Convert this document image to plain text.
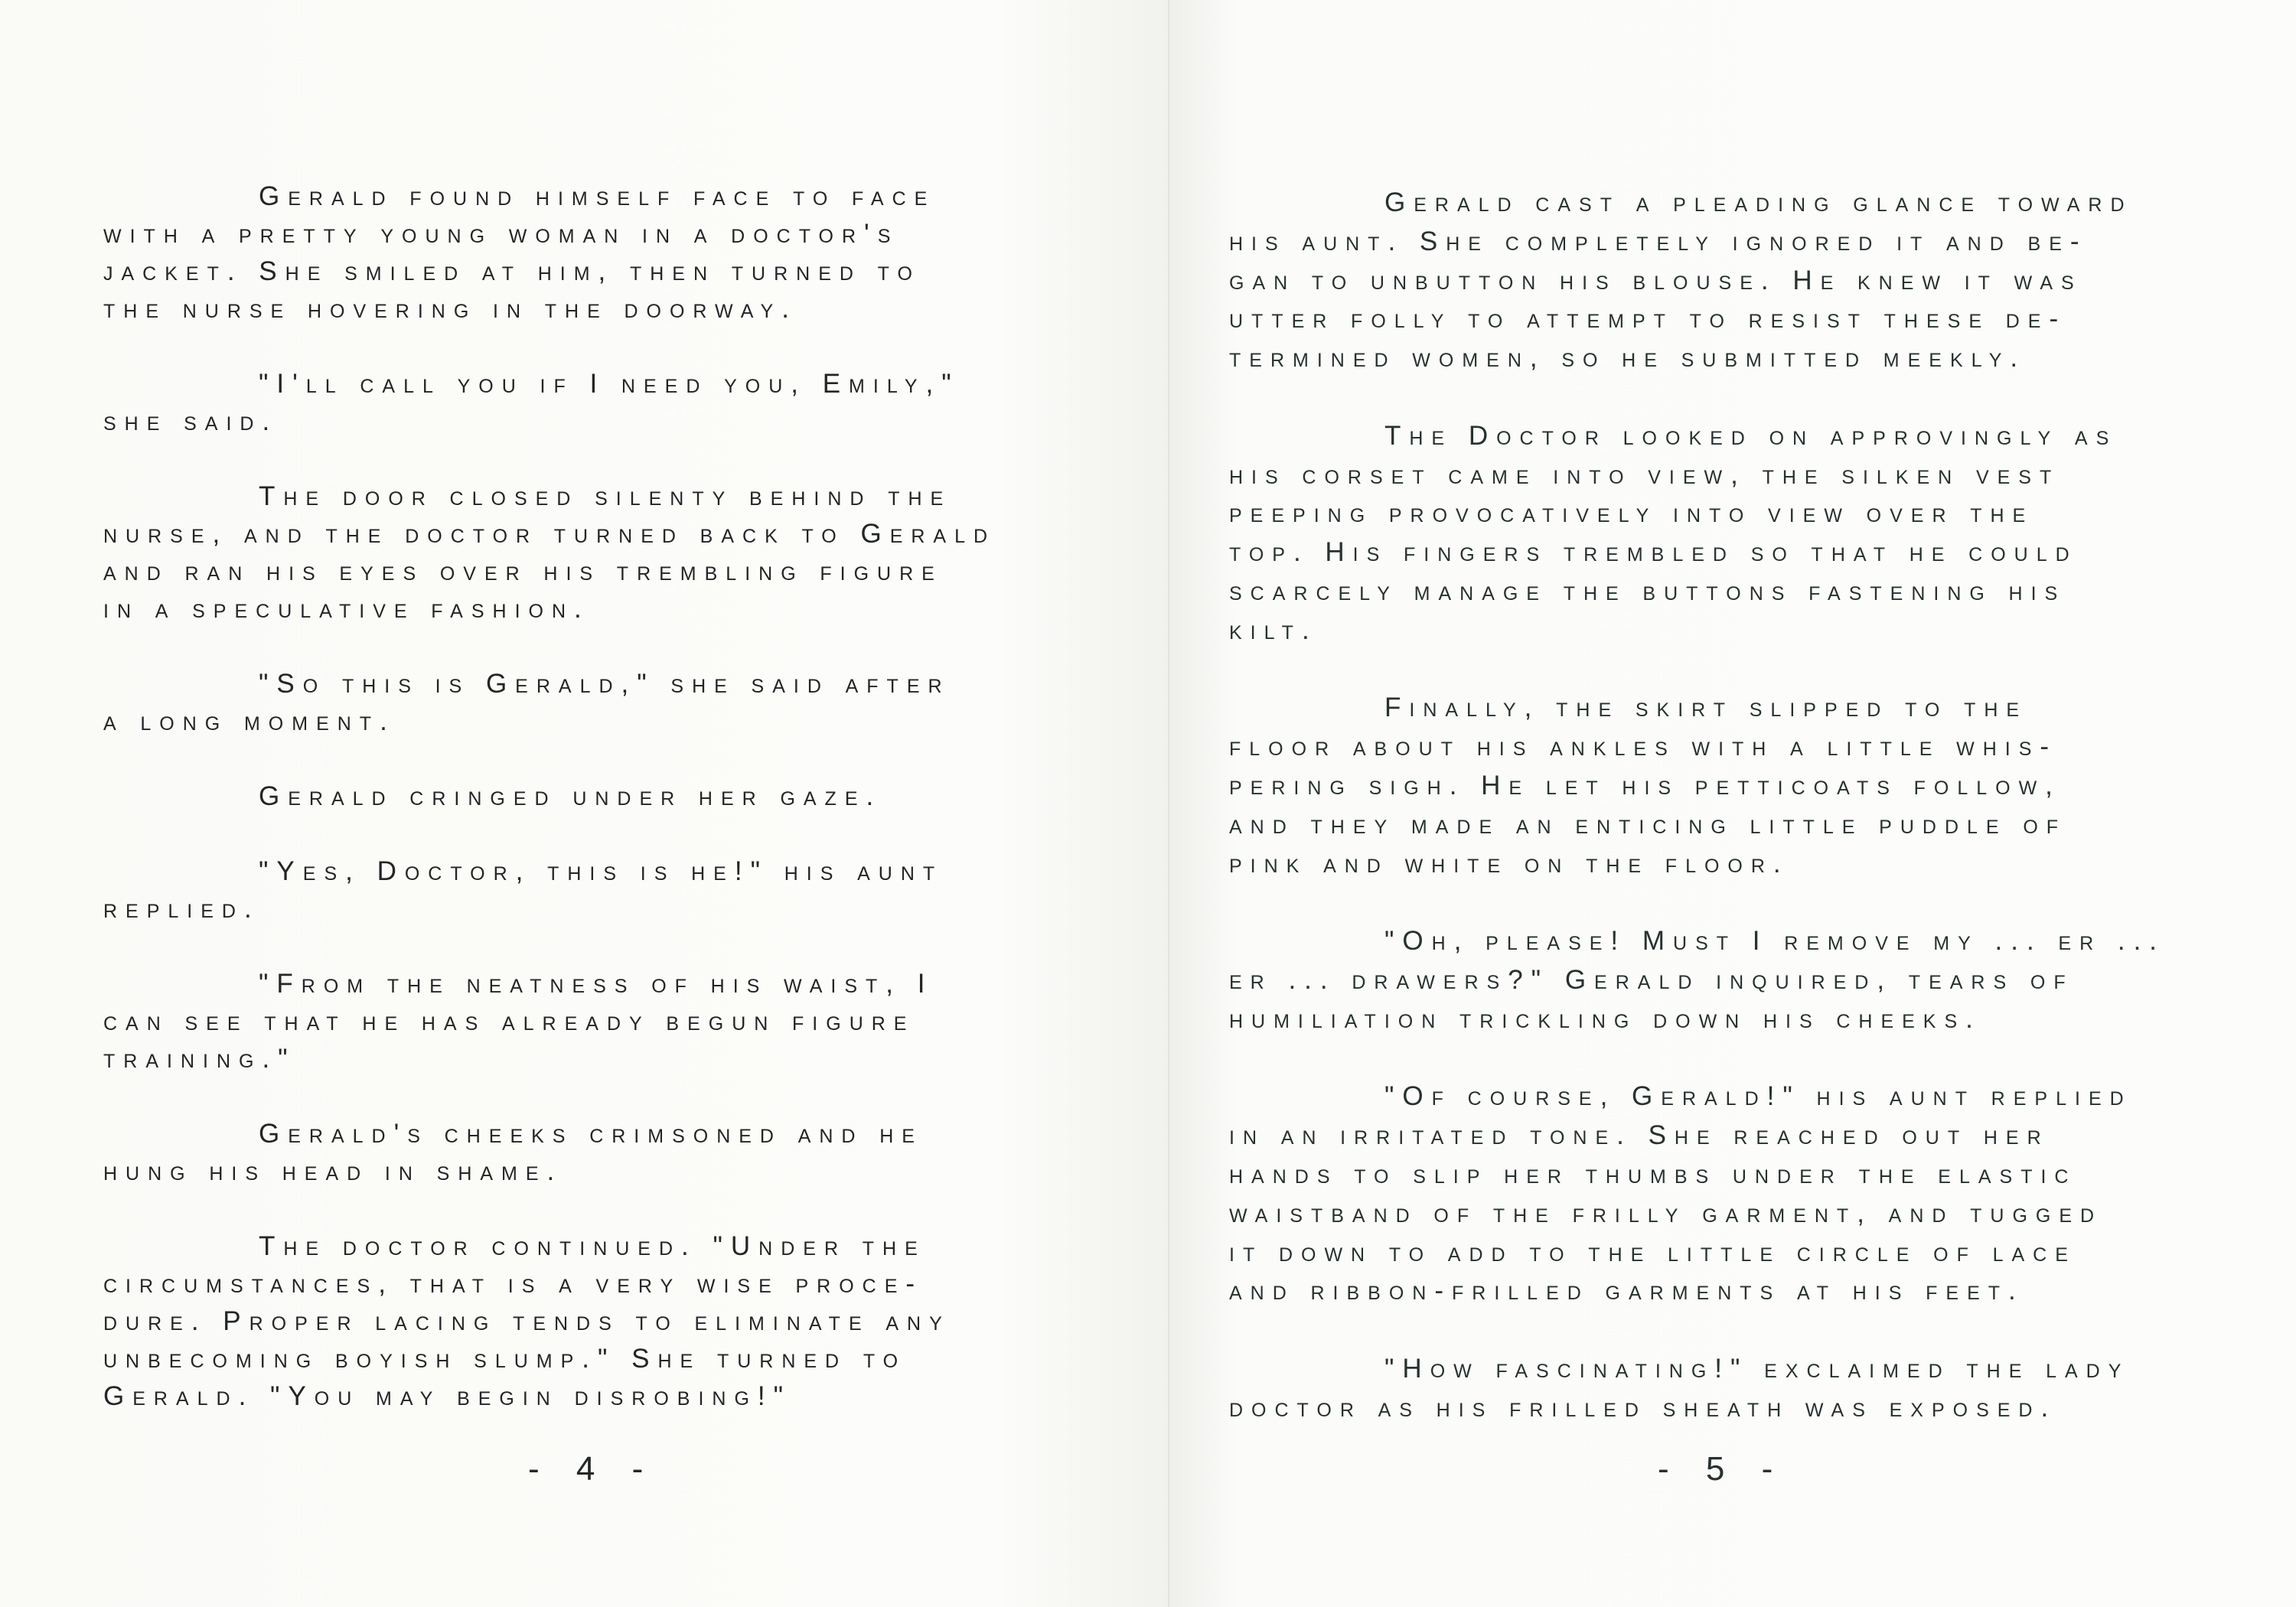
Gerald found himself face to face
with a pretty young woman in a doctor's
jacket. She smiled at him, then turned to
the nurse hovering in the doorway.
"I'll call you if I need you, Emily,"
she said.
The door closed silenty behind the
nurse, and the doctor turned back to Gerald
and ran his eyes over his trembling figure
in a speculative fashion.
"So this is Gerald," she said after
a long moment.
Gerald cringed under her gaze.
"Yes, Doctor, this is he!" his aunt
replied.
"From the neatness of his waist, I
can see that he has already begun figure
training."
Gerald's cheeks crimsoned and he
hung his head in shame.
The doctor continued. "Under the
circumstances, that is a very wise proce-
dure. Proper lacing tends to eliminate any
unbecoming boyish slump." She turned to
Gerald. "You may begin disrobing!"
- 4 -
Gerald cast a pleading glance toward
his aunt. She completely ignored it and be-
gan to unbutton his blouse. He knew it was
utter folly to attempt to resist these de-
termined women, so he submitted meekly.
The Doctor looked on approvingly as
his corset came into view, the silken vest
peeping provocatively into view over the
top. His fingers trembled so that he could
scarcely manage the buttons fastening his
kilt.
Finally, the skirt slipped to the
floor about his ankles with a little whis-
pering sigh. He let his petticoats follow,
and they made an enticing little puddle of
pink and white on the floor.
"Oh, please! Must I remove my ... er ...
er ... drawers?" Gerald inquired, tears of
humiliation trickling down his cheeks.
"Of course, Gerald!" his aunt replied
in an irritated tone. She reached out her
hands to slip her thumbs under the elastic
waistband of the frilly garment, and tugged
it down to add to the little circle of lace
and ribbon-frilled garments at his feet.
"How fascinating!" exclaimed the lady
doctor as his frilled sheath was exposed.
- 5 -
